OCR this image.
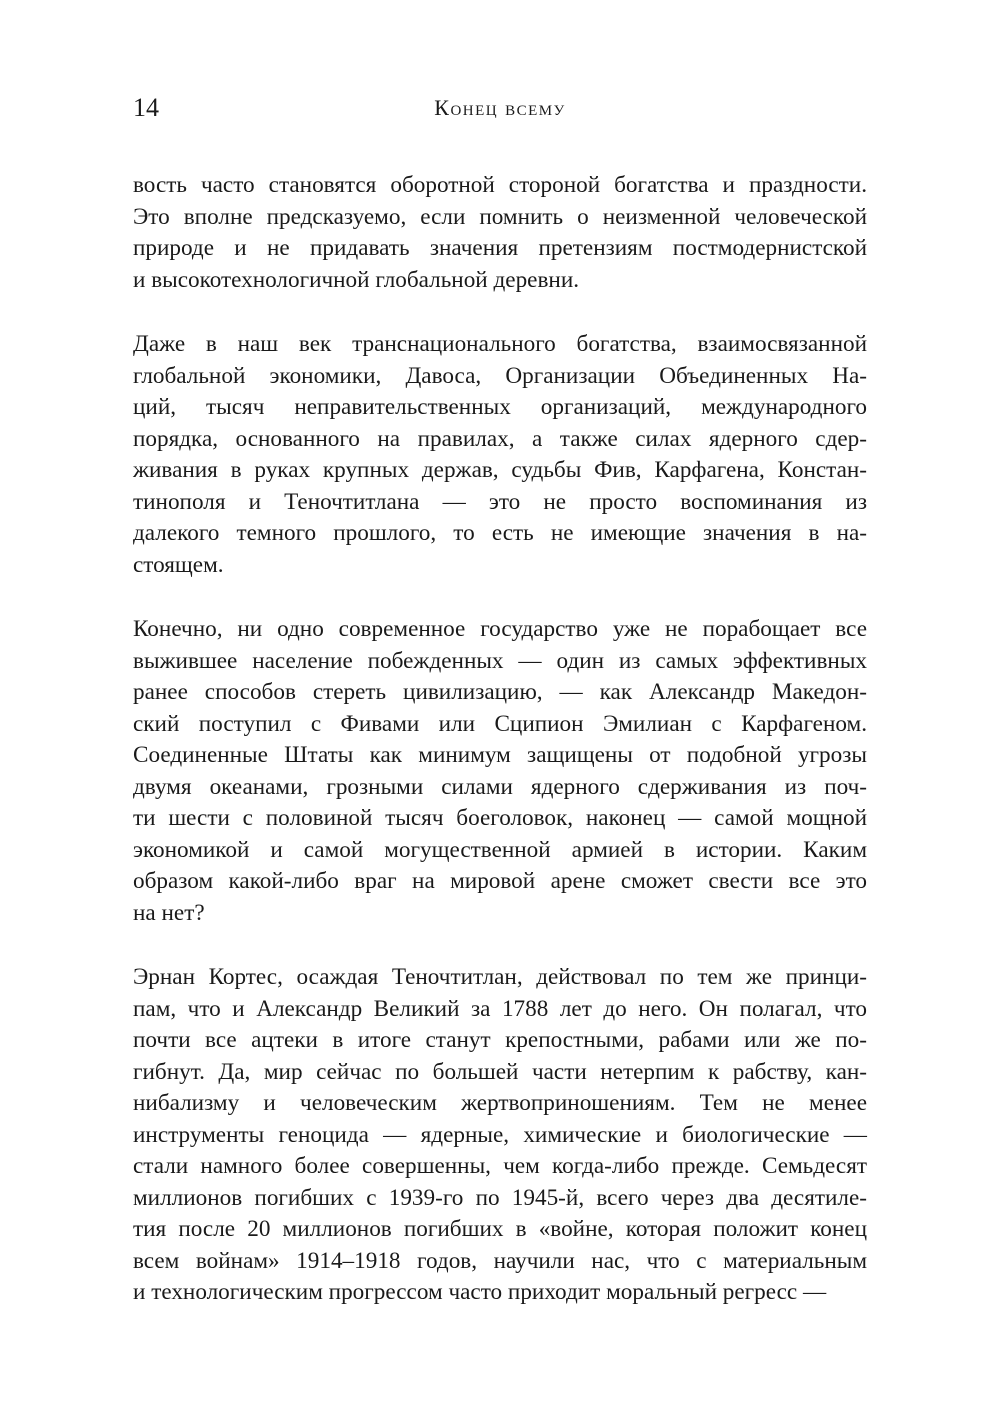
14	Конец всему
вость часто становятся оборотной стороной богатства и праздности.
Это вполне предсказуемо, если помнить о неизменной человеческой
природе и не придавать значения претензиям постмодернистской
и высокотехнологичной глобальной деревни.
Даже в наш век транснационального богатства, взаимосвязанной
глобальной экономики, Давоса, Организации Объединенных На-
ций, тысяч неправительственных организаций, международного
порядка, основанного на правилах, а также силах ядерного сдер-
живания в руках крупных держав, судьбы Фив, Карфагена, Констан-
тинополя и Теночтитлана — это не просто воспоминания из
далекого темного прошлого, то есть не имеющие значения в на-
стоящем.
Конечно, ни одно современное государство уже не порабощает все
выжившее население побежденных — один из самых эффективных
ранее способов стереть цивилизацию, — как Александр Македон-
ский поступил с Фивами или Сципион Эмилиан с Карфагеном.
Соединенные Штаты как минимум защищены от подобной угрозы
двумя океанами, грозными силами ядерного сдерживания из поч-
ти шести с половиной тысяч боеголовок, наконец — самой мощной
экономикой и самой могущественной армией в истории. Каким
образом какой-либо враг на мировой арене сможет свести все это
на нет?
Эрнан Кортес, осаждая Теночтитлан, действовал по тем же принци-
пам, что и Александр Великий за 1788 лет до него. Он полагал, что
почти все ацтеки в итоге станут крепостными, рабами или же по-
гибнут. Да, мир сейчас по большей части нетерпим к рабству, кан-
нибализму и человеческим жертвоприношениям. Тем не менее
инструменты геноцида — ядерные, химические и биологические —
стали намного более совершенны, чем когда-либо прежде. Семьдесят
миллионов погибших с 1939-го по 1945-й, всего через два десятиле-
тия после 20 миллионов погибших в «войне, которая положит конец
всем войнам» 1914–1918 годов, научили нас, что с материальным
и технологическим прогрессом часто приходит моральный регресс —
